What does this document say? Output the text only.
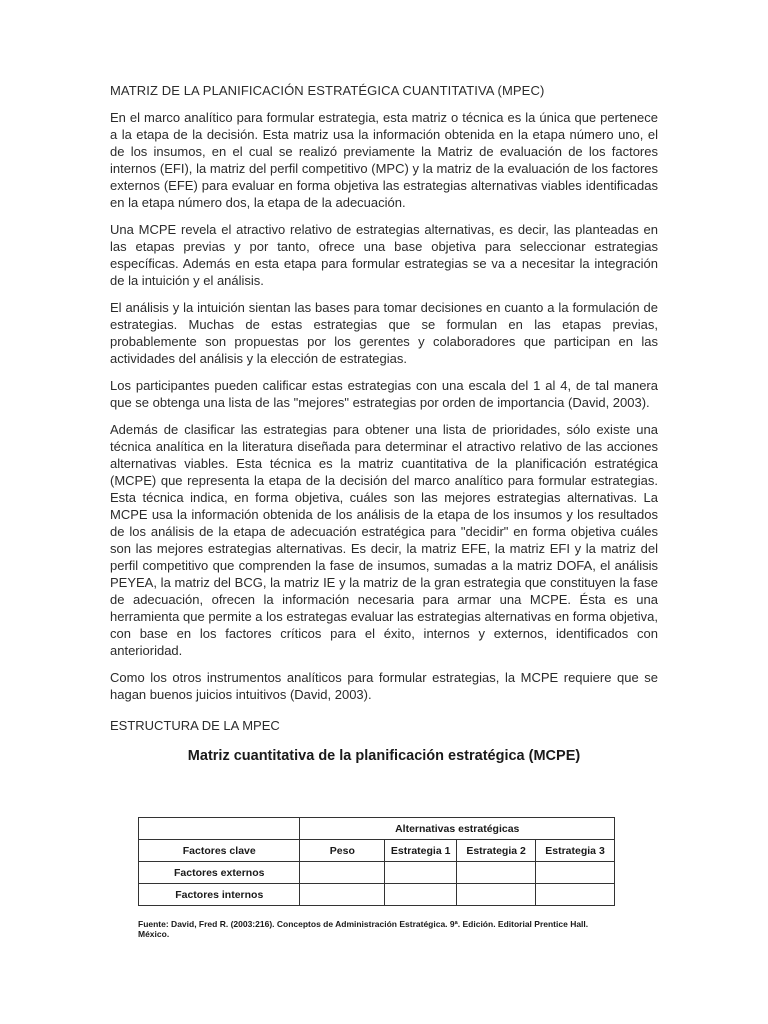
MATRIZ DE LA PLANIFICACIÓN ESTRATÉGICA CUANTITATIVA (MPEC)

En el marco analítico para formular estrategia, esta matriz o técnica es la única que pertenece a la etapa de la decisión. Esta matriz usa la información obtenida en la etapa número uno, el de los insumos, en el cual se realizó previamente la Matriz de evaluación de los factores internos (EFI), la matriz del perfil competitivo (MPC) y la matriz de la evaluación de los factores externos (EFE) para evaluar en forma objetiva las estrategias alternativas viables identificadas en la etapa número dos, la etapa de la adecuación.

Una MCPE revela el atractivo relativo de estrategias alternativas, es decir, las planteadas en las etapas previas y por tanto, ofrece una base objetiva para seleccionar estrategias específicas. Además en esta etapa para formular estrategias se va a necesitar la integración de la intuición y el análisis.

El análisis y la intuición sientan las bases para tomar decisiones en cuanto a la formulación de estrategias. Muchas de estas estrategias que se formulan en las etapas previas, probablemente son propuestas por los gerentes y colaboradores que participan en las actividades del análisis y la elección de estrategias.

Los participantes pueden calificar estas estrategias con una escala del 1 al 4, de tal manera que se obtenga una lista de las "mejores" estrategias por orden de importancia (David, 2003).

Además de clasificar las estrategias para obtener una lista de prioridades, sólo existe una técnica analítica en la literatura diseñada para determinar el atractivo relativo de las acciones alternativas viables. Esta técnica es la matriz cuantitativa de la planificación estratégica (MCPE) que representa la etapa de la decisión del marco analítico para formular estrategias. Esta técnica indica, en forma objetiva, cuáles son las mejores estrategias alternativas. La MCPE usa la información obtenida de los análisis de la etapa de los insumos y los resultados de los análisis de la etapa de adecuación estratégica para "decidir" en forma objetiva cuáles son las mejores estrategias alternativas. Es decir, la matriz EFE, la matriz EFI y la matriz del perfil competitivo que comprenden la fase de insumos, sumadas a la matriz DOFA, el análisis PEYEA, la matriz del BCG, la matriz IE y la matriz de la gran estrategia que constituyen la fase de adecuación, ofrecen la información necesaria para armar una MCPE. Ésta es una herramienta que permite a los estrategas evaluar las estrategias alternativas en forma objetiva, con base en los factores críticos para el éxito, internos y externos, identificados con anterioridad.

Como los otros instrumentos analíticos para formular estrategias, la MCPE requiere que se hagan buenos juicios intuitivos (David, 2003).

ESTRUCTURA DE LA MPEC

Matriz cuantitativa de la planificación estratégica (MCPE)

	Alternativas estratégicas			
Factores clave	Peso	Estrategia 1	Estrategia 2	Estrategia 3
Factores externos				
Factores internos				
Fuente: David, Fred R. (2003:216). Conceptos de Administración Estratégica. 9ª. Edición. Editorial Prentice Hall. México.
